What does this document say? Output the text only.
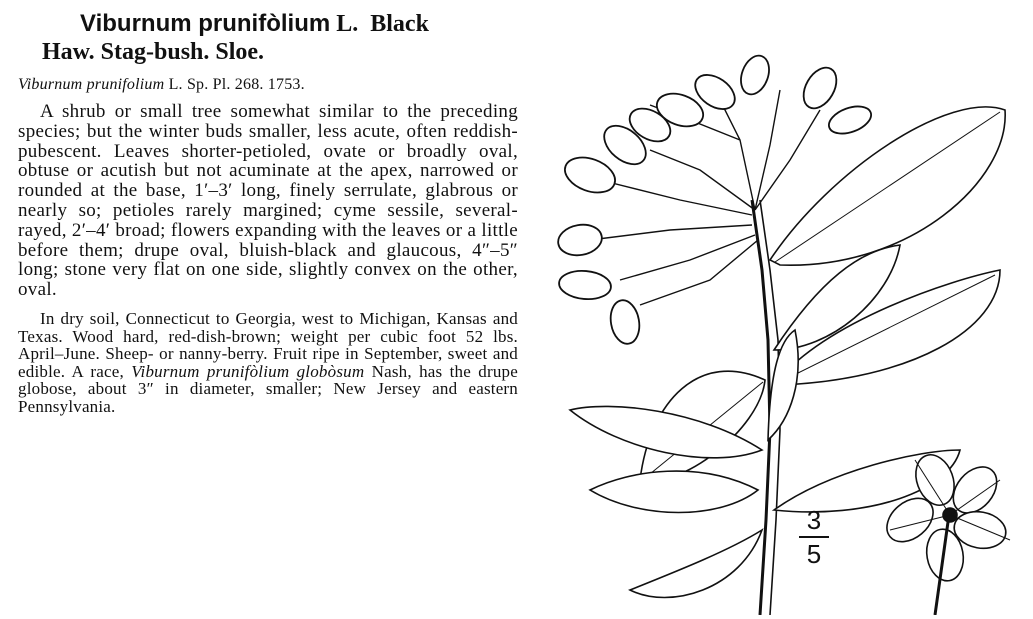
Viburnum prunifòlium L. Black
Haw. Stag-bush. Sloe.
Viburnum prunifolium L. Sp. Pl. 268. 1753.

A shrub or small tree somewhat similar to the preceding species; but the winter buds smaller, less acute, often reddish-pubescent. Leaves shorter-petioled, ovate or broadly oval, obtuse or acutish but not acuminate at the apex, narrowed or rounded at the base, 1′–3′ long, finely serrulate, glabrous or nearly so; petioles rarely margined; cyme sessile, several-rayed, 2′–4′ broad; flowers expanding with the leaves or a little before them; drupe oval, bluish-black and glaucous, 4″–5″ long; stone very flat on one side, slightly convex on the other, oval.

In dry soil, Connecticut to Georgia, west to Michigan, Kansas and Texas. Wood hard, red-dish-brown; weight per cubic foot 52 lbs. April–June. Sheep- or nanny-berry. Fruit ripe in September, sweet and edible. A race, Viburnum prunifòlium globòsum Nash, has the drupe globose, about 3″ in diameter, smaller; New Jersey and eastern Pennsylvania.

3
5
